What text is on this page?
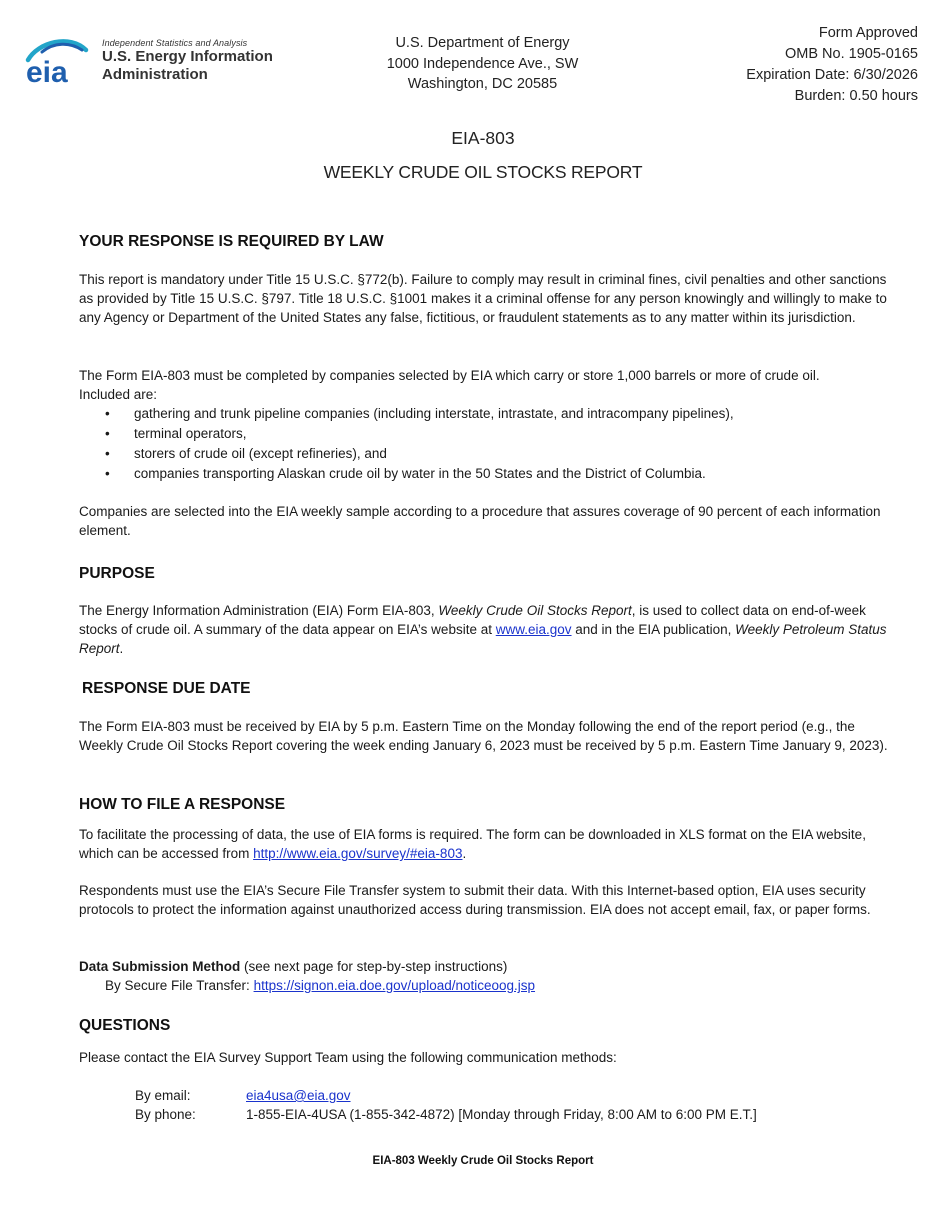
eia
Independent Statistics and Analysis
U.S. Energy Information
Administration
U.S. Department of Energy
1000 Independence Ave., SW
Washington, DC 20585
Form Approved
OMB No. 1905-0165
Expiration Date: 6/30/2026
Burden: 0.50 hours
EIA-803
WEEKLY CRUDE OIL STOCKS REPORT
YOUR RESPONSE IS REQUIRED BY LAW

This report is mandatory under Title 15 U.S.C. §772(b). Failure to comply may result in criminal fines, civil penalties and other sanctions as provided by Title 15 U.S.C. §797. Title 18 U.S.C. §1001 makes it a criminal offense for any person knowingly and willingly to make to any Agency or Department of the United States any false, fictitious, or fraudulent statements as to any matter within its jurisdiction.

The Form EIA-803 must be completed by companies selected by EIA which carry or store 1,000 barrels or more of crude oil.

Included are:

• gathering and trunk pipeline companies (including interstate, intrastate, and intracompany pipelines),
• terminal operators,
• storers of crude oil (except refineries), and
• companies transporting Alaskan crude oil by water in the 50 States and the District of Columbia.

Companies are selected into the EIA weekly sample according to a procedure that assures coverage of 90 percent of each information element.

PURPOSE

The Energy Information Administration (EIA) Form EIA-803, Weekly Crude Oil Stocks Report, is used to collect data on end-of-week stocks of crude oil. A summary of the data appear on EIA’s website at www.eia.gov and in the EIA publication, Weekly Petroleum Status Report.

RESPONSE DUE DATE

The Form EIA-803 must be received by EIA by 5 p.m. Eastern Time on the Monday following the end of the report period (e.g., the Weekly Crude Oil Stocks Report covering the week ending January 6, 2023 must be received by 5 p.m. Eastern Time January 9, 2023).

HOW TO FILE A RESPONSE

To facilitate the processing of data, the use of EIA forms is required. The form can be downloaded in XLS format on the EIA website, which can be accessed from http://www.eia.gov/survey/#eia-803.

Respondents must use the EIA’s Secure File Transfer system to submit their data. With this Internet-based option, EIA uses security protocols to protect the information against unauthorized access during transmission. EIA does not accept email, fax, or paper forms.

Data Submission Method (see next page for step-by-step instructions)

By Secure File Transfer: https://signon.eia.doe.gov/upload/noticeoog.jsp

QUESTIONS

Please contact the EIA Survey Support Team using the following communication methods:

By email:	eia4usa@eia.gov
By phone:	1-855-EIA-4USA (1-855-342-4872) [Monday through Friday, 8:00 AM to 6:00 PM E.T.]
EIA-803 Weekly Crude Oil Stocks Report
